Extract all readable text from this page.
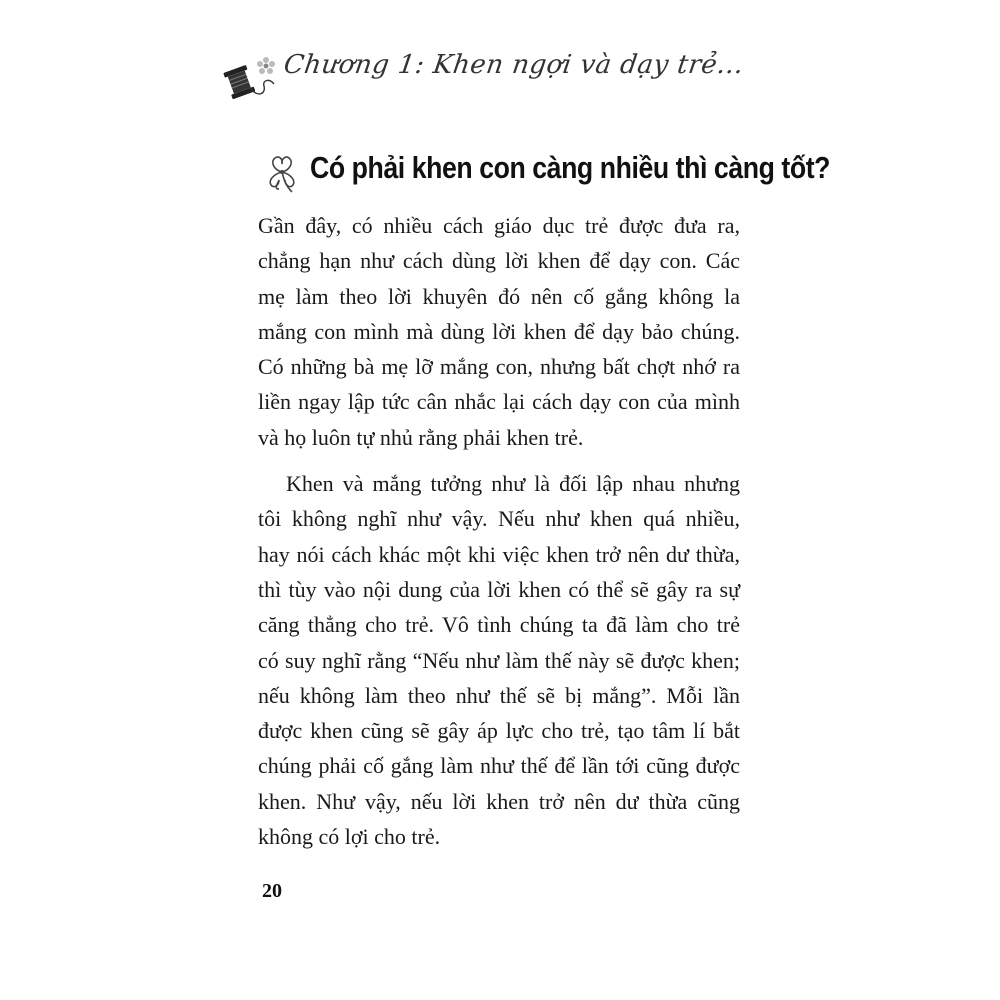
Chương 1: Khen ngợi và dạy trẻ...
Có phải khen con càng nhiều thì càng tốt?
Gần đây, có nhiều cách giáo dục trẻ được đưa ra,
chẳng hạn như cách dùng lời khen để dạy con. Các
mẹ làm theo lời khuyên đó nên cố gắng không la
mắng con mình mà dùng lời khen để dạy bảo chúng.
Có những bà mẹ lỡ mắng con, nhưng bất chợt nhớ ra
liền ngay lập tức cân nhắc lại cách dạy con của mình
và họ luôn tự nhủ rằng phải khen trẻ.
Khen và mắng tưởng như là đối lập nhau nhưng
tôi không nghĩ như vậy. Nếu như khen quá nhiều,
hay nói cách khác một khi việc khen trở nên dư thừa,
thì tùy vào nội dung của lời khen có thể sẽ gây ra sự
căng thẳng cho trẻ. Vô tình chúng ta đã làm cho trẻ
có suy nghĩ rằng “Nếu như làm thế này sẽ được khen;
nếu không làm theo như thế sẽ bị mắng”. Mỗi lần
được khen cũng sẽ gây áp lực cho trẻ, tạo tâm lí bắt
chúng phải cố gắng làm như thế để lần tới cũng được
khen. Như vậy, nếu lời khen trở nên dư thừa cũng
không có lợi cho trẻ.
20
